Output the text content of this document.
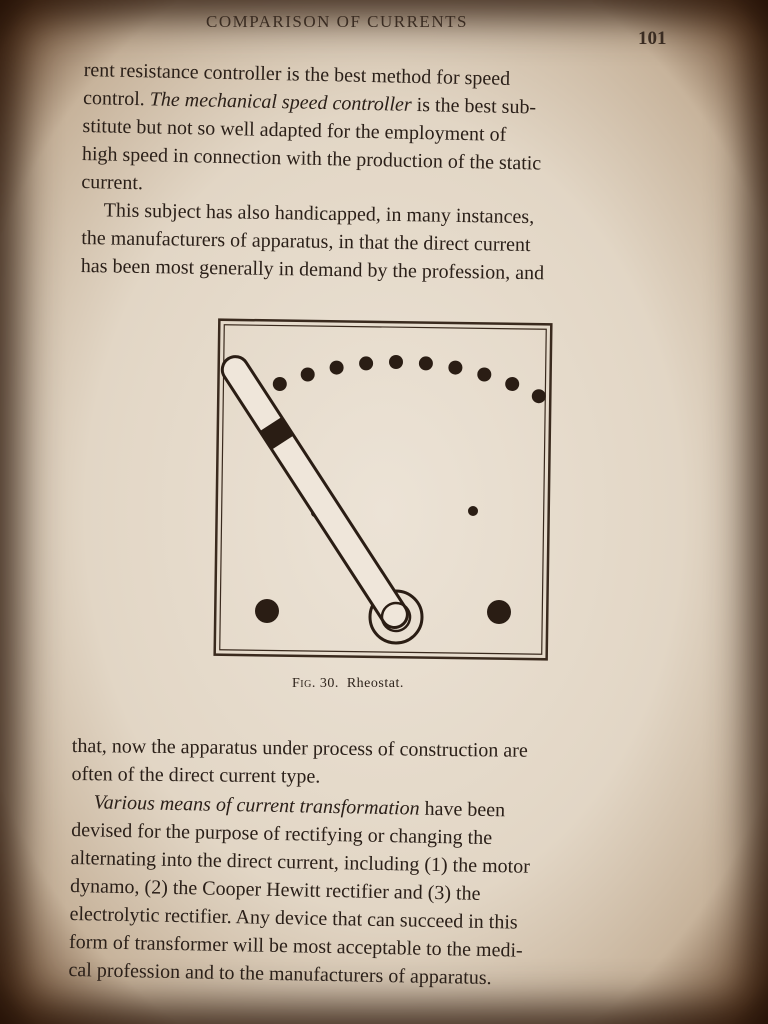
COMPARISON OF CURRENTS
101

rent resistance controller is the best method for speed
control. The mechanical speed controller is the best sub-
stitute but not so well adapted for the employment of
high speed in connection with the production of the static
current.

This subject has also handicapped, in many instances,
the manufacturers of apparatus, in that the direct current
has been most generally in demand by the profession, and

Fig. 30. Rheostat.

that, now the apparatus under process of construction are
often of the direct current type.

Various means of current transformation have been
devised for the purpose of rectifying or changing the
alternating into the direct current, including (1) the motor
dynamo, (2) the Cooper Hewitt rectifier and (3) the
electrolytic rectifier. Any device that can succeed in this
form of transformer will be most acceptable to the medi-
cal profession and to the manufacturers of apparatus.
